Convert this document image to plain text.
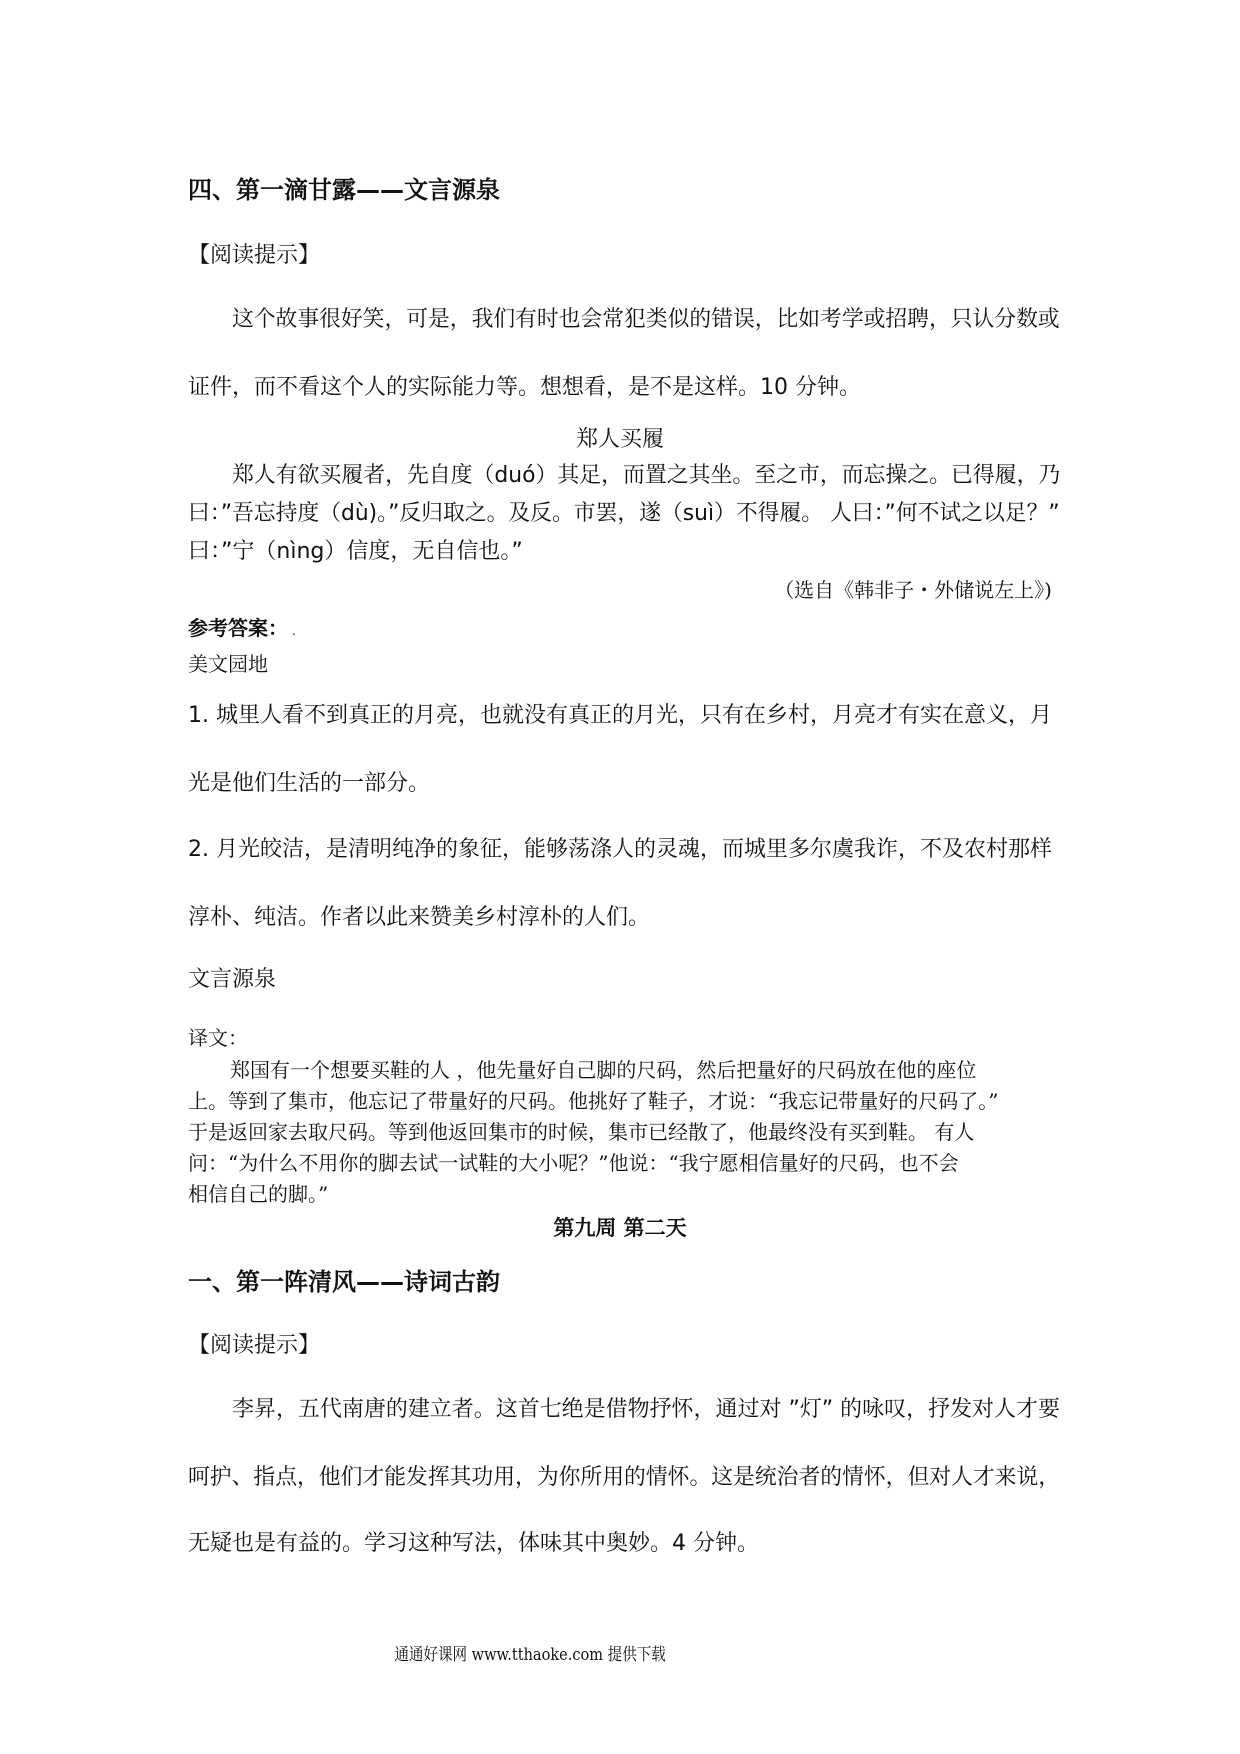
四、第一滴甘露——文言源泉
【阅读提示】
这个故事很好笑，可是，我们有时也会常犯类似的错误，比如考学或招聘，只认分数或
证件，而不看这个人的实际能力等。想想看，是不是这样。10 分钟。
郑人买履
郑人有欲买履者，先自度（duó）其足，而置之其坐。至之市，而忘操之。已得履，乃
曰：”吾忘持度（dù)。”反归取之。及反。市罢，遂（suì）不得履。 人曰：”何不试之以足？”
曰：”宁（nìng）信度，无自信也。”
（选自《韩非子・外储说左上》)
参考答案： .
美文园地
1. 城里人看不到真正的月亮，也就没有真正的月光，只有在乡村，月亮才有实在意义，月
光是他们生活的一部分。
2. 月光皎洁，是清明纯净的象征，能够荡涤人的灵魂，而城里多尔虞我诈，不及农村那样
淳朴、纯洁。作者以此来赞美乡村淳朴的人们。
文言源泉
译文：
郑国有一个想要买鞋的人 ，他先量好自己脚的尺码，然后把量好的尺码放在他的座位
上。等到了集市，他忘记了带量好的尺码。他挑好了鞋子，才说：“我忘记带量好的尺码了。”
于是返回家去取尺码。等到他返回集市的时候，集市已经散了，他最终没有买到鞋。 有人
问：“为什么不用你的脚去试一试鞋的大小呢？”他说：“我宁愿相信量好的尺码，也不会
相信自己的脚。”
第九周 第二天
一、第一阵清风——诗词古韵
【阅读提示】
李昇，五代南唐的建立者。这首七绝是借物抒怀，通过对 ”灯” 的咏叹，抒发对人才要
呵护、指点，他们才能发挥其功用，为你所用的情怀。这是统治者的情怀，但对人才来说，
无疑也是有益的。学习这种写法，体味其中奥妙。4 分钟。
通通好课网 www.tthaoke.com 提供下载
